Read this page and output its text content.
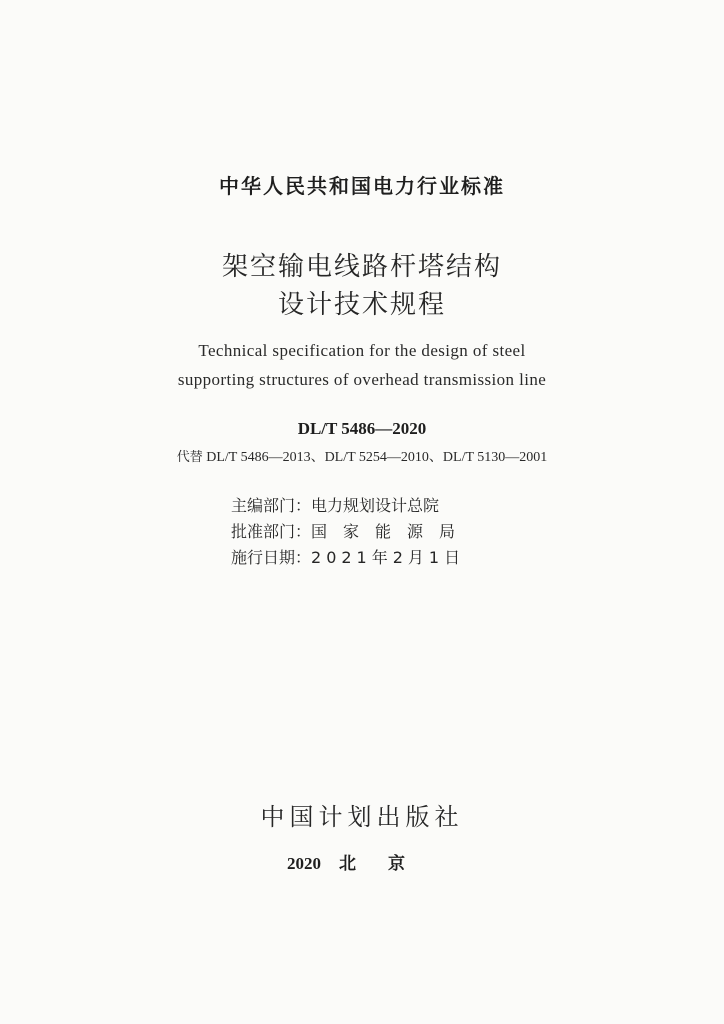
中华人民共和国电力行业标准
架空输电线路杆塔结构
设计技术规程
Technical specification for the design of steel
supporting structures of overhead transmission line
DL/T 5486—2020
代替 DL/T 5486—2013、DL/T 5254—2010、DL/T 5130—2001
主编部门：电力规划设计总院
批准部门：国家能源局
施行日期：2021年2月1日
中国计划出版社
2020 北京
